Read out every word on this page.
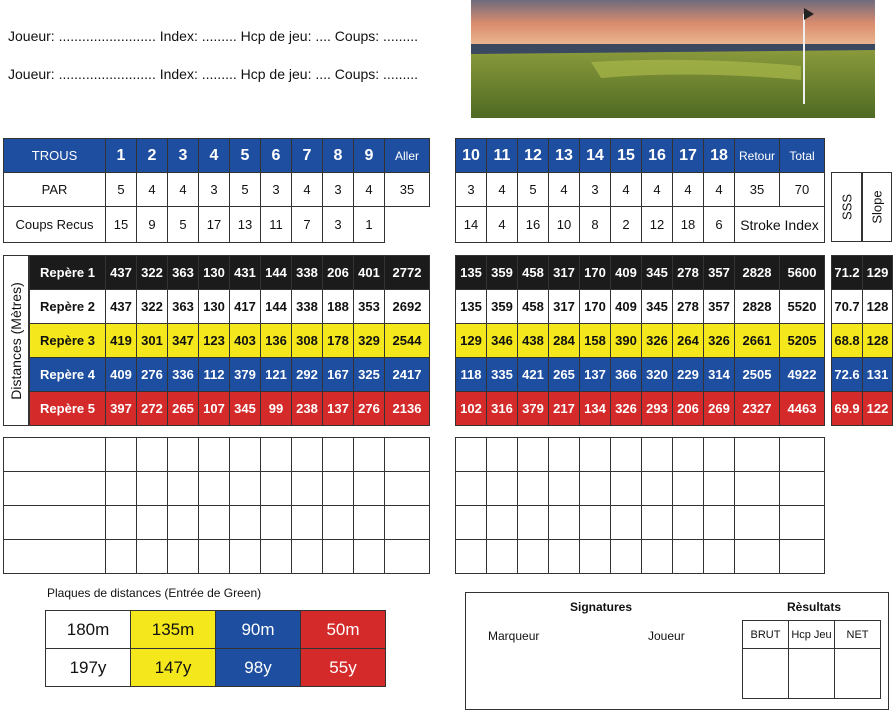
Joueur: ......................... Index: ......... Hcp de jeu: .... Coups: .........
Joueur: ......................... Index: ......... Hcp de jeu: .... Coups: .........
TROUS	1	2	3	4	5	6	7	8	9	Aller
PAR	5	4	4	3	5	3	4	3	4	35
Coups Recus	15	9	5	17	13	11	7	3	1	
10	11	12	13	14	15	16	17	18	Retour	Total
3	4	5	4	3	4	4	4	4	35	70
14	4	16	10	8	2	12	18	6	Stroke Index	
SSS Slope
Distances (Mètres)
Repère 1	437	322	363	130	431	144	338	206	401	2772
Repère 2	437	322	363	130	417	144	338	188	353	2692
Repère 3	419	301	347	123	403	136	308	178	329	2544
Repère 4	409	276	336	112	379	121	292	167	325	2417
Repère 5	397	272	265	107	345	99	238	137	276	2136
135	359	458	317	170	409	345	278	357	2828	5600
135	359	458	317	170	409	345	278	357	2828	5520
129	346	438	284	158	390	326	264	326	2661	5205
118	335	421	265	137	366	320	229	314	2505	4922
102	316	379	217	134	326	293	206	269	2327	4463
71.2	129
70.7	128
68.8	128
72.6	131
69.9	122

Plaques de distances (Entrée de Green)
180m	135m	90m	50m
197y	147y	98y	55y
Signatures
Marqueur	Joueur
Rèsultats
BRUT	Hcp Jeu	NET
